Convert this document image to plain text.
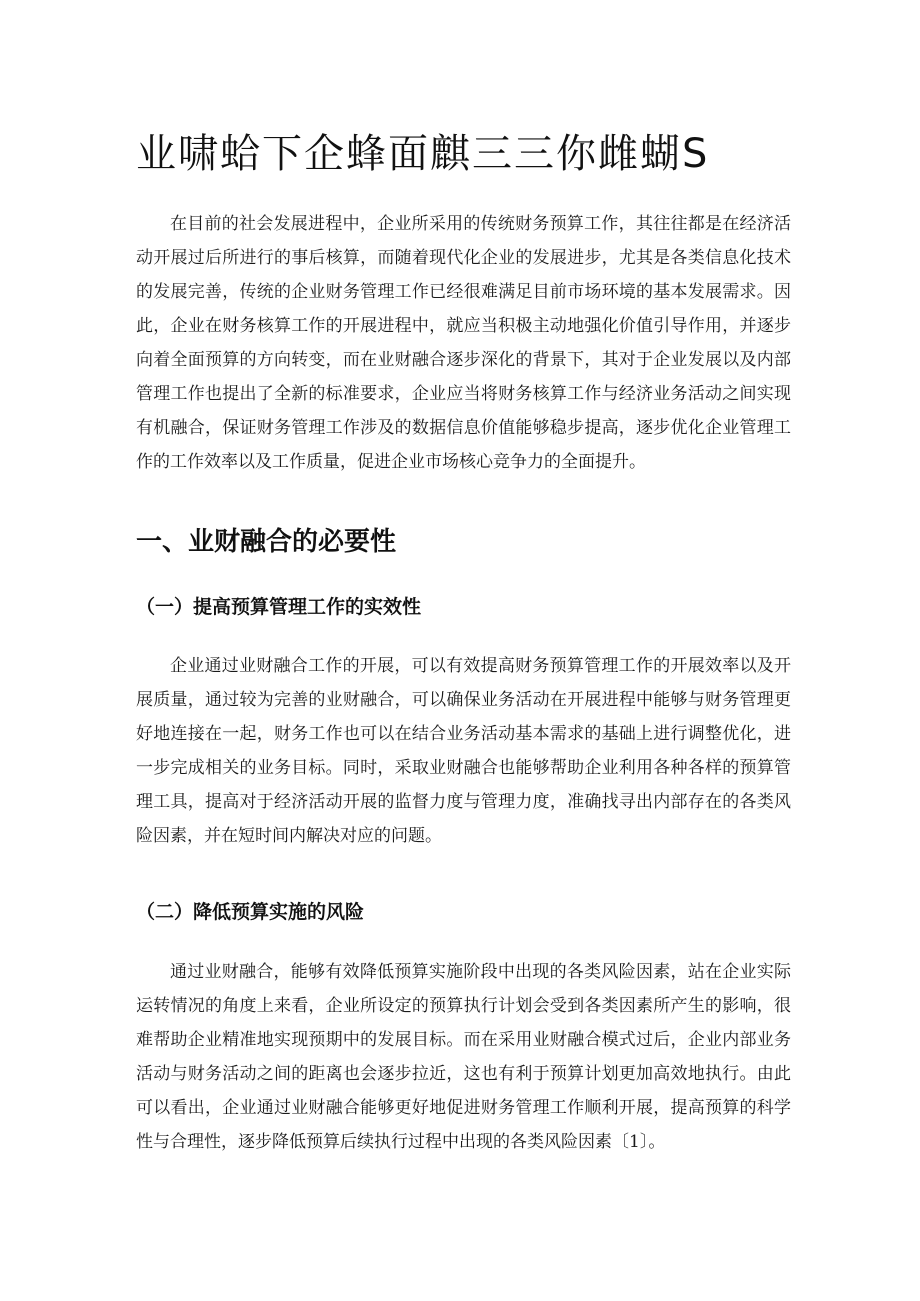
业啸蛤下企蜂面麒三三你雌蝴S

在目前的社会发展进程中，企业所采用的传统财务预算工作，其往往都是在经济活动开展过后所进行的事后核算，而随着现代化企业的发展进步，尤其是各类信息化技术的发展完善，传统的企业财务管理工作已经很难满足目前市场环境的基本发展需求。因此，企业在财务核算工作的开展进程中，就应当积极主动地强化价值引导作用，并逐步向着全面预算的方向转变，而在业财融合逐步深化的背景下，其对于企业发展以及内部管理工作也提出了全新的标准要求，企业应当将财务核算工作与经济业务活动之间实现有机融合，保证财务管理工作涉及的数据信息价值能够稳步提高，逐步优化企业管理工作的工作效率以及工作质量，促进企业市场核心竞争力的全面提升。

一、业财融合的必要性
（一）提高预算管理工作的实效性

企业通过业财融合工作的开展，可以有效提高财务预算管理工作的开展效率以及开展质量，通过较为完善的业财融合，可以确保业务活动在开展进程中能够与财务管理更好地连接在一起，财务工作也可以在结合业务活动基本需求的基础上进行调整优化，进一步完成相关的业务目标。同时，采取业财融合也能够帮助企业利用各种各样的预算管理工具，提高对于经济活动开展的监督力度与管理力度，准确找寻出内部存在的各类风险因素，并在短时间内解决对应的问题。

（二）降低预算实施的风险

通过业财融合，能够有效降低预算实施阶段中出现的各类风险因素，站在企业实际运转情况的角度上来看，企业所设定的预算执行计划会受到各类因素所产生的影响，很难帮助企业精准地实现预期中的发展目标。而在采用业财融合模式过后，企业内部业务活动与财务活动之间的距离也会逐步拉近，这也有利于预算计划更加高效地执行。由此可以看出，企业通过业财融合能够更好地促进财务管理工作顺利开展，提高预算的科学性与合理性，逐步降低预算后续执行过程中出现的各类风险因素〔1〕。
